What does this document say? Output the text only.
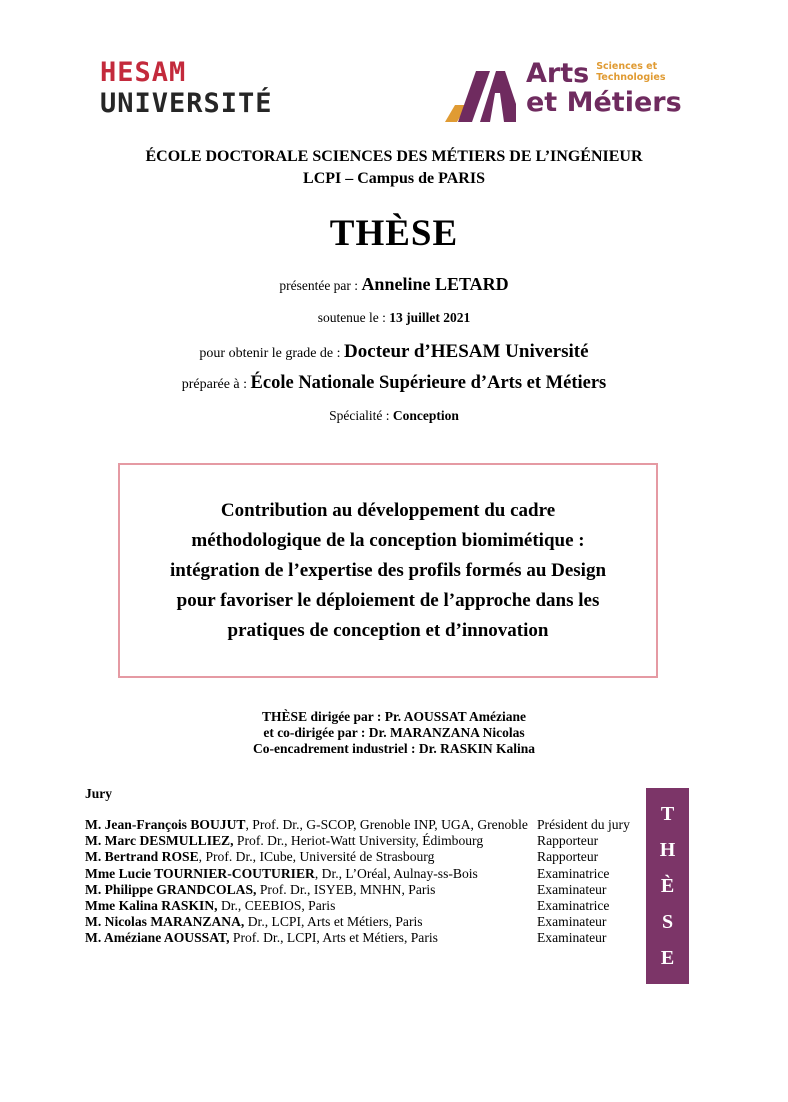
HESAM
UNIVERSITÉ
Arts Sciences et
Technologies
et Métiers
ÉCOLE DOCTORALE SCIENCES DES MÉTIERS DE L’INGÉNIEUR
LCPI – Campus de PARIS
THÈSE
présentée par : Anneline LETARD
soutenue le : 13 juillet 2021
pour obtenir le grade de : Docteur d’HESAM Université
préparée à : École Nationale Supérieure d’Arts et Métiers
Spécialité : Conception
Contribution au développement du cadre
méthodologique de la conception biomimétique :
intégration de l’expertise des profils formés au Design
pour favoriser le déploiement de l’approche dans les
pratiques de conception et d’innovation
THÈSE dirigée par : Pr. AOUSSAT Améziane
et co-dirigée par : Dr. MARANZANA Nicolas
Co-encadrement industriel : Dr. RASKIN Kalina
Jury
M. Jean-François BOUJUT, Prof. Dr., G-SCOP, Grenoble INP, UGA, Grenoble Président du jury
M. Marc DESMULLIEZ, Prof. Dr., Heriot-Watt University, Édimbourg	Rapporteur
M. Bertrand ROSE, Prof. Dr., ICube, Université de Strasbourg	Rapporteur
Mme Lucie TOURNIER-COUTURIER, Dr., L’Oréal, Aulnay-ss-Bois	Examinatrice
M. Philippe GRANDCOLAS, Prof. Dr., ISYEB, MNHN, Paris	Examinateur
Mme Kalina RASKIN, Dr., CEEBIOS, Paris	Examinatrice
M. Nicolas MARANZANA, Dr., LCPI, Arts et Métiers, Paris	Examinateur
M. Améziane AOUSSAT, Prof. Dr., LCPI, Arts et Métiers, Paris	Examinateur
T
H
È
S
E
